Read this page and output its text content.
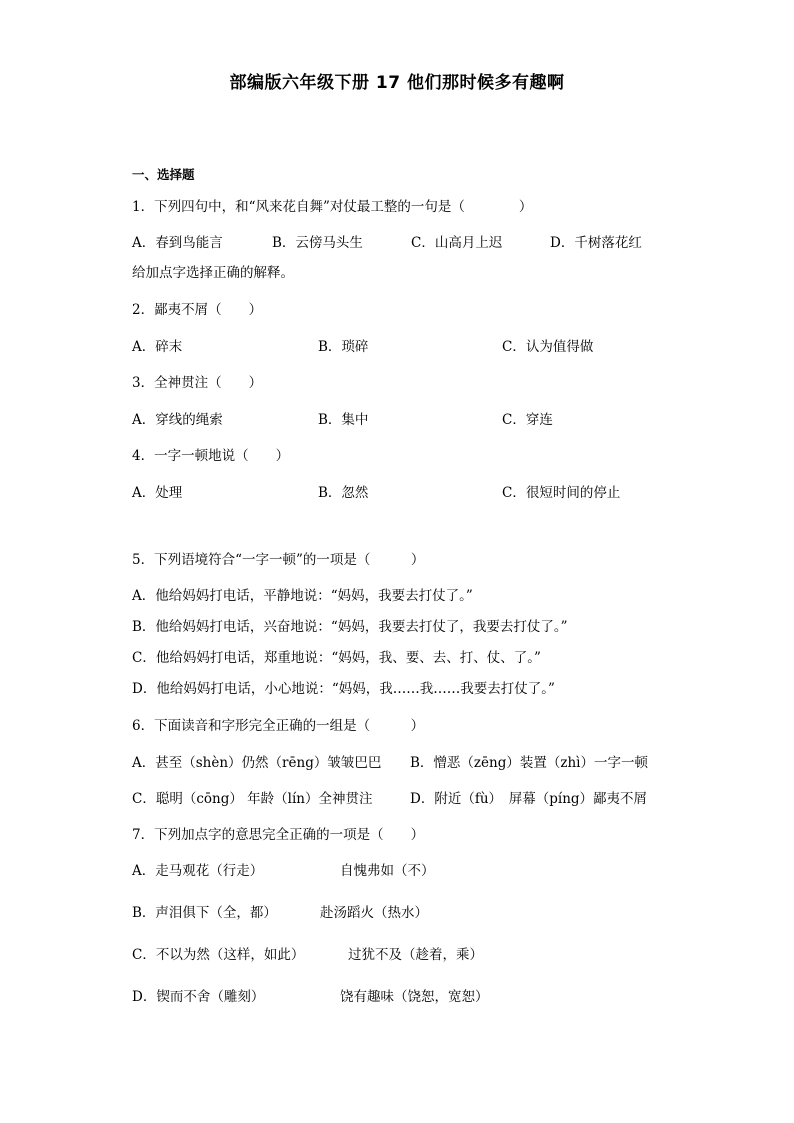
部编版六年级下册 17 他们那时候多有趣啊
一、选择题
1．下列四句中，和“风来花自舞”对仗最工整的一句是（　　　　）
A．春到鸟能言	B．云傍马头生	C．山高月上迟	D．千树落花红
给加点字选择正确的解释。
2．鄙夷不屑（　　）
A．碎末	B．琐碎	C．认为值得做
3．全神贯注（　　）
A．穿线的绳索	B．集中	C．穿连
4．一字一顿地说（　　）
A．处理	B．忽然	C．很短时间的停止
5．下列语境符合“一字一顿”的一项是（　　　）
A．他给妈妈打电话，平静地说：“妈妈，我要去打仗了。”
B．他给妈妈打电话，兴奋地说：“妈妈，我要去打仗了，我要去打仗了。”
C．他给妈妈打电话，郑重地说：“妈妈，我、要、去、打、仗、了。”
D．他给妈妈打电话，小心地说：“妈妈，我……我……我要去打仗了。”
6．下面读音和字形完全正确的一组是（　　　）
A．甚至（shèn）仍然（rēng）皱皱巴巴 B．憎恶（zēng）装置（zhì）一字一顿
C．聪明（cōng） 年龄（lín）全神贯注	D．附近（fù）　屏幕（píng）鄙夷不屑
7．下列加点字的意思完全正确的一项是（　　）
A．走马观花（行走）	自愧弗如（不）
B．声泪俱下（全，都）	赴汤蹈火（热水）
C．不以为然（这样，如此）	过犹不及（趁着，乘）
D．锲而不舍（雕刻）	饶有趣味（饶恕，宽恕）
